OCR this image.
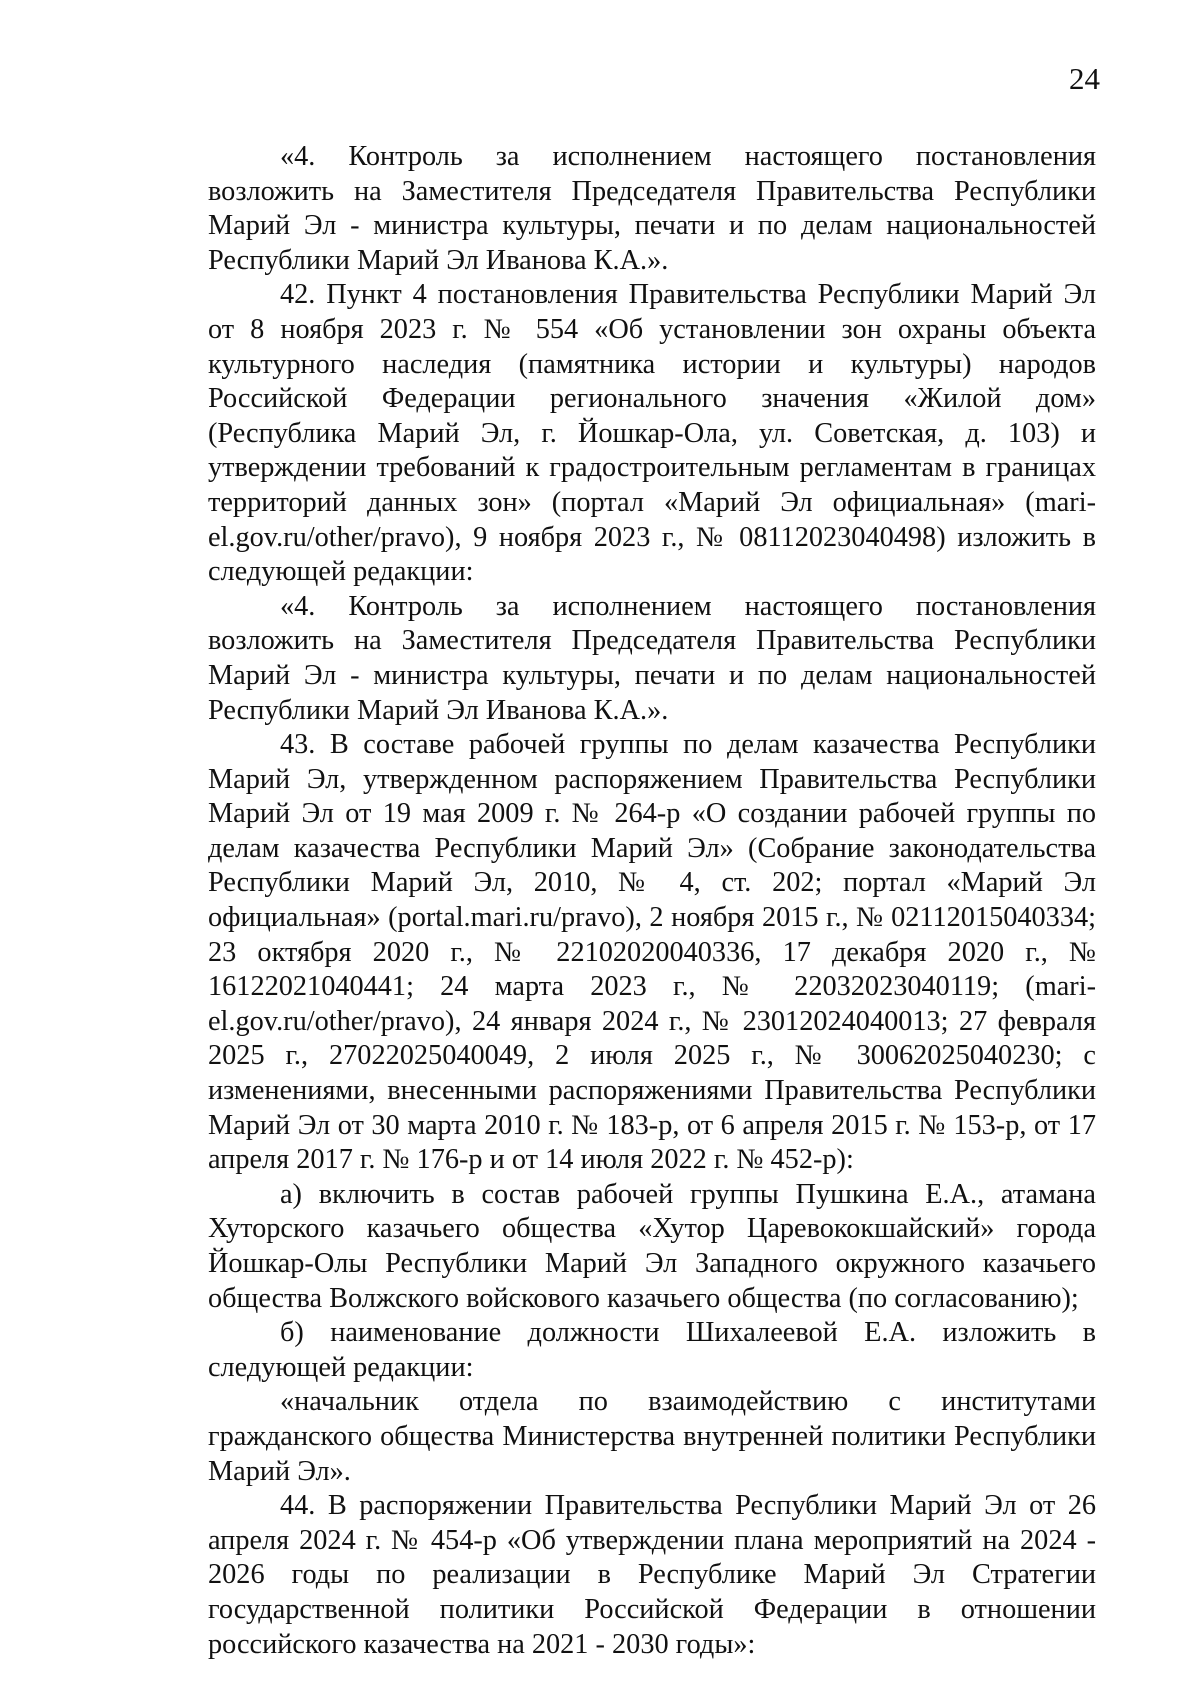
24

«4. Контроль за исполнением настоящего постановления возложить на Заместителя Председателя Правительства Республики Марий Эл - министра культуры, печати и по делам национальностей Республики Марий Эл Иванова К.А.».

42. Пункт 4 постановления Правительства Республики Марий Эл от 8 ноября 2023 г. № 554 «Об установлении зон охраны объекта культурного наследия (памятника истории и культуры) народов Российской Федерации регионального значения «Жилой дом» (Республика Марий Эл, г. Йошкар-Ола, ул. Советская, д. 103) и утверждении требований к градостроительным регламентам в границах территорий данных зон» (портал «Марий Эл официальная» (mari-el.gov.ru/other/pravo), 9 ноября 2023 г., № 08112023040498) изложить в следующей редакции:

«4. Контроль за исполнением настоящего постановления возложить на Заместителя Председателя Правительства Республики Марий Эл - министра культуры, печати и по делам национальностей Республики Марий Эл Иванова К.А.».

43. В составе рабочей группы по делам казачества Республики Марий Эл, утвержденном распоряжением Правительства Республики Марий Эл от 19 мая 2009 г. № 264-р «О создании рабочей группы по делам казачества Республики Марий Эл» (Собрание законодательства Республики Марий Эл, 2010, № 4, ст. 202; портал «Марий Эл официальная» (portal.mari.ru/pravo), 2 ноября 2015 г., № 02112015040334; 23 октября 2020 г., № 22102020040336, 17 декабря 2020 г., № 16122021040441; 24 марта 2023 г., № 22032023040119; (mari-el.gov.ru/other/pravo), 24 января 2024 г., № 23012024040013; 27 февраля 2025 г., 27022025040049, 2 июля 2025 г., № 30062025040230; с изменениями, внесенными распоряжениями Правительства Республики Марий Эл от 30 марта 2010 г. № 183-р, от 6 апреля 2015 г. № 153-р, от 17 апреля 2017 г. № 176-р и от 14 июля 2022 г. № 452-р):

а) включить в состав рабочей группы Пушкина Е.А., атамана Хуторского казачьего общества «Хутор Царевококшайский» города Йошкар-Олы Республики Марий Эл Западного окружного казачьего общества Волжского войскового казачьего общества (по согласованию);

б) наименование должности Шихалеевой Е.А. изложить в следующей редакции:

«начальник отдела по взаимодействию с институтами гражданского общества Министерства внутренней политики Республики Марий Эл».

44. В распоряжении Правительства Республики Марий Эл от 26 апреля 2024 г. № 454-р «Об утверждении плана мероприятий на 2024 - 2026 годы по реализации в Республике Марий Эл Стратегии государственной политики Российской Федерации в отношении российского казачества на 2021 - 2030 годы»:
